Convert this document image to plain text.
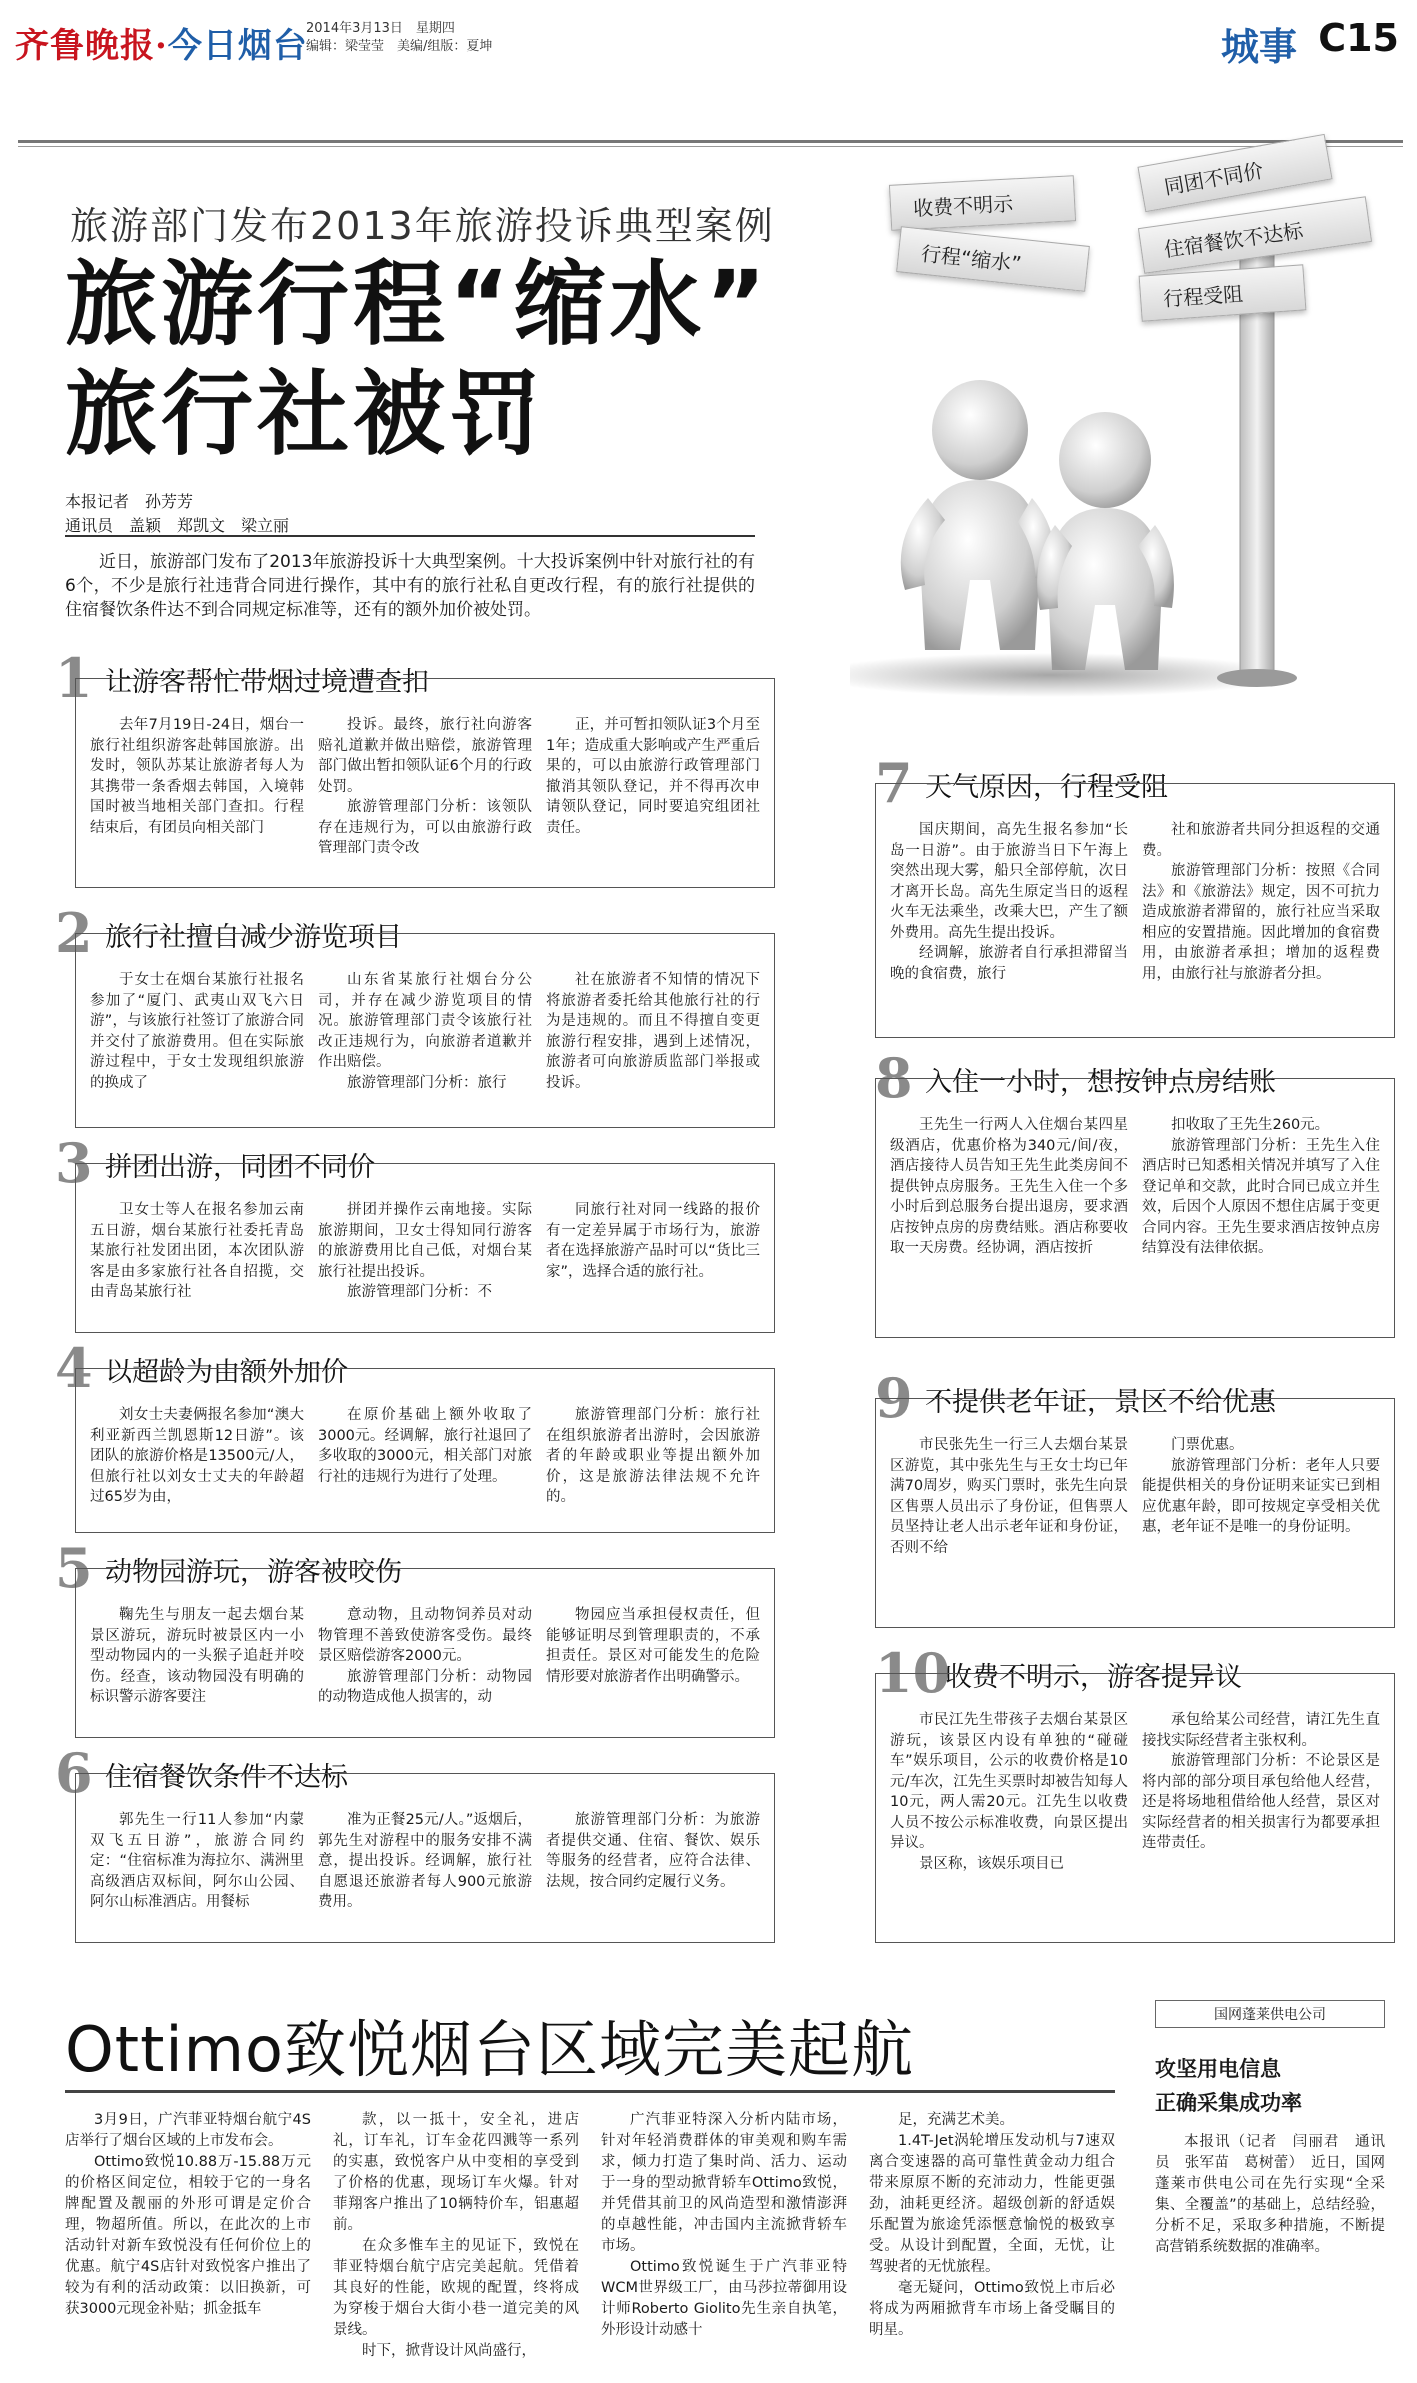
齐鲁晚报·今日烟台
2014年3月13日　星期四
编辑：梁莹莹　美编/组版：夏坤	城事 C15
旅游部门发布2013年旅游投诉典型案例
旅游行程“缩水”
旅行社被罚
收费不明示
同团不同价
行程“缩水”	住宿餐饮不达标
行程受阻
本报记者　孙芳芳
通讯员　盖颖　郑凯文　梁立丽
近日，旅游部门发布了2013年旅游投诉十大典型案例。十大投诉案例中针对旅行社的有6个，不少是旅行社违背合同进行操作，其中有的旅行社私自更改行程，有的旅行社提供的住宿餐饮条件达不到合同规定标准等，还有的额外加价被处罚。
1 让游客帮忙带烟过境遭查扣

去年7月19日-24日，烟台一旅行社组织游客赴韩国旅游。出发时，领队苏某让旅游者每人为其携带一条香烟去韩国，入境韩国时被当地相关部门查扣。行程结束后，有团员向相关部门

投诉。最终，旅行社向游客赔礼道歉并做出赔偿，旅游管理部门做出暂扣领队证6个月的行政处罚。

旅游管理部门分析：该领队存在违规行为，可以由旅游行政管理部门责令改

正，并可暂扣领队证3个月至1年；造成重大影响或产生严重后果的，可以由旅游行政管理部门撤消其领队登记，并不得再次申请领队登记，同时要追究组团社责任。

2 旅行社擅自减少游览项目

于女士在烟台某旅行社报名参加了“厦门、武夷山双飞六日游”，与该旅行社签订了旅游合同并交付了旅游费用。但在实际旅游过程中，于女士发现组织旅游的换成了

山东省某旅行社烟台分公司，并存在减少游览项目的情况。旅游管理部门责令该旅行社改正违规行为，向旅游者道歉并作出赔偿。

旅游管理部门分析：旅行

社在旅游者不知情的情况下将旅游者委托给其他旅行社的行为是违规的。而且不得擅自变更旅游行程安排，遇到上述情况，旅游者可向旅游质监部门举报或投诉。

3 拼团出游，同团不同价

卫女士等人在报名参加云南五日游，烟台某旅行社委托青岛某旅行社发团出团，本次团队游客是由多家旅行社各自招揽，交由青岛某旅行社

拼团并操作云南地接。实际旅游期间，卫女士得知同行游客的旅游费用比自己低，对烟台某旅行社提出投诉。

旅游管理部门分析：不

同旅行社对同一线路的报价有一定差异属于市场行为，旅游者在选择旅游产品时可以“货比三家”，选择合适的旅行社。

4 以超龄为由额外加价

刘女士夫妻俩报名参加“澳大利亚新西兰凯恩斯12日游”。该团队的旅游价格是13500元/人，但旅行社以刘女士丈夫的年龄超过65岁为由，

在原价基础上额外收取了3000元。经调解，旅行社退回了多收取的3000元，相关部门对旅行社的违规行为进行了处理。

旅游管理部门分析：旅行社在组织旅游者出游时，会因旅游者的年龄或职业等提出额外加价，这是旅游法律法规不允许的。

5 动物园游玩，游客被咬伤

鞠先生与朋友一起去烟台某景区游玩，游玩时被景区内一小型动物园内的一头猴子追赶并咬伤。经查，该动物园没有明确的标识警示游客要注

意动物，且动物饲养员对动物管理不善致使游客受伤。最终景区赔偿游客2000元。

旅游管理部门分析：动物园的动物造成他人损害的，动

物园应当承担侵权责任，但能够证明尽到管理职责的，不承担责任。景区对可能发生的危险情形要对旅游者作出明确警示。

6 住宿餐饮条件不达标

郭先生一行11人参加“内蒙双飞五日游”，旅游合同约定：“住宿标准为海拉尔、满洲里高级酒店双标间，阿尔山公园、阿尔山标准酒店。用餐标

准为正餐25元/人。”返烟后，郭先生对游程中的服务安排不满意，提出投诉。经调解，旅行社自愿退还旅游者每人900元旅游费用。

旅游管理部门分析：为旅游者提供交通、住宿、餐饮、娱乐等服务的经营者，应符合法律、法规，按合同约定履行义务。

7 天气原因，行程受阻

国庆期间，高先生报名参加“长岛一日游”。由于旅游当日下午海上突然出现大雾，船只全部停航，次日才离开长岛。高先生原定当日的返程火车无法乘坐，改乘大巴，产生了额外费用。高先生提出投诉。

经调解，旅游者自行承担滞留当晚的食宿费，旅行

社和旅游者共同分担返程的交通费。

旅游管理部门分析：按照《合同法》和《旅游法》规定，因不可抗力造成旅游者滞留的，旅行社应当采取相应的安置措施。因此增加的食宿费用，由旅游者承担；增加的返程费用，由旅行社与旅游者分担。

8 入住一小时，想按钟点房结账

王先生一行两人入住烟台某四星级酒店，优惠价格为340元/间/夜，酒店接待人员告知王先生此类房间不提供钟点房服务。王先生入住一个多小时后到总服务台提出退房，要求酒店按钟点房的房费结账。酒店称要收取一天房费。经协调，酒店按折

扣收取了王先生260元。

旅游管理部门分析：王先生入住酒店时已知悉相关情况并填写了入住登记单和交款，此时合同已成立并生效，后因个人原因不想住店属于变更合同内容。王先生要求酒店按钟点房结算没有法律依据。

9 不提供老年证，景区不给优惠

市民张先生一行三人去烟台某景区游览，其中张先生与王女士均已年满70周岁，购买门票时，张先生向景区售票人员出示了身份证，但售票人员坚持让老人出示老年证和身份证，否则不给

门票优惠。

旅游管理部门分析：老年人只要能提供相关的身份证明来证实已到相应优惠年龄，即可按规定享受相关优惠，老年证不是唯一的身份证明。

10
收费不明示，游客提异议

市民江先生带孩子去烟台某景区游玩，该景区内设有单独的“碰碰车”娱乐项目，公示的收费价格是10元/车次，江先生买票时却被告知每人10元，两人需20元。江先生以收费人员不按公示标准收费，向景区提出异议。

景区称，该娱乐项目已

承包给某公司经营，请江先生直接找实际经营者主张权利。

旅游管理部门分析：不论景区是将内部的部分项目承包给他人经营，还是将场地租借给他人经营，景区对实际经营者的相关损害行为都要承担连带责任。

Ottimo致悦烟台区域完美起航

3月9日，广汽菲亚特烟台航宁4S店举行了烟台区域的上市发布会。

Ottimo致悦10.88万-15.88万元的价格区间定位，相较于它的一身名牌配置及靓丽的外形可谓是定价合理，物超所值。所以，在此次的上市活动针对新车致悦没有任何价位上的优惠。航宁4S店针对致悦客户推出了较为有利的活动政策：以旧换新，可获3000元现金补贴；抓金抵车

款，以一抵十，安全礼，进店礼，订车礼，订车金花四溅等一系列的实惠，致悦客户从中变相的享受到了价格的优惠，现场订车火爆。针对菲翔客户推出了10辆特价车，铝惠超前。

在众多惟车主的见证下，致悦在菲亚特烟台航宁店完美起航。凭借着其良好的性能，欧规的配置，终将成为穿梭于烟台大街小巷一道完美的风景线。

时下，掀背设计风尚盛行，

广汽菲亚特深入分析内陆市场，针对年轻消费群体的审美观和购车需求，倾力打造了集时尚、活力、运动于一身的型动掀背轿车Ottimo致悦，并凭借其前卫的风尚造型和激情澎湃的卓越性能，冲击国内主流掀背轿车市场。

Ottimo致悦诞生于广汽菲亚特WCM世界级工厂，由马莎拉蒂御用设计师Roberto Giolito先生亲自执笔，外形设计动感十

足，充满艺术美。

1.4T-Jet涡轮增压发动机与7速双离合变速器的高可靠性黄金动力组合带来原原不断的充沛动力，性能更强劲，油耗更经济。超级创新的舒适娱乐配置为旅途凭添惬意愉悦的极致享受。从设计到配置，全面，无忧，让驾驶者的无忧旅程。

毫无疑问，Ottimo致悦上市后必将成为两厢掀背车市场上备受瞩目的明星。

国网蓬莱供电公司
攻坚用电信息
正确采集成功率
本报讯（记者　闫丽君　通讯员　张军苗　葛树蕾）　近日，国网蓬莱市供电公司在先行实现“全采集、全覆盖”的基础上，总结经验，分析不足，采取多种措施，不断提高营销系统数据的准确率。
